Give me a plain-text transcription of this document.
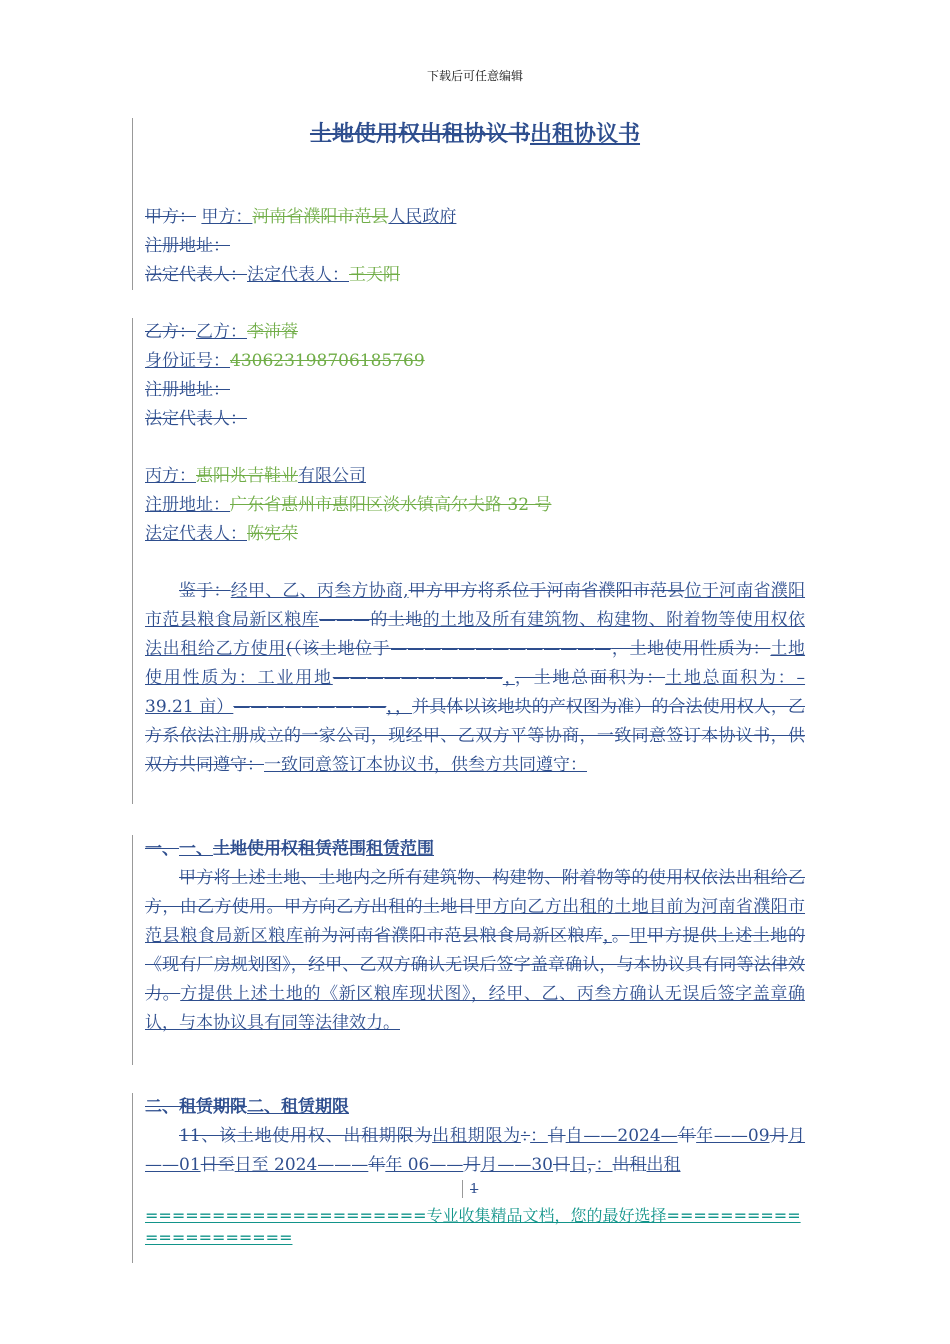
下载后可任意编辑
土地使用权出租协议书出租协议书
甲方： 甲方：河南省濮阳市范县人民政府
注册地址：
法定代表人：法定代表人：王天阳
乙方：乙方：李沛蓉
身份证号：430623198706185769
注册地址：
法定代表人：
丙方：惠阳兆吉鞋业有限公司
注册地址：广东省惠州市惠阳区淡水镇高尔夫路 32 号
法定代表人：陈宪荣
鉴于：经甲、乙、丙叁方协商,甲方甲方将系位于河南省濮阳市范县位于河南省濮阳市范县粮食局新区粮库———的土地的土地及所有建筑物、构建物、附着物等使用权依法出租给乙方使用(（该土地位于—————————————，土地使用性质为：土地使用性质为：工业用地——————————，，土地总面积为：土地总面积为：–39.21 亩）—————————，，并具体以该地块的产权图为准）的合法使用权人，乙方系依法注册成立的一家公司，现经甲、乙双方平等协商，一致同意签订本协议书，供双方共同遵守：一致同意签订本协议书，供叁方共同遵守：
一、一、土地使用权租赁范围租赁范围
甲方将上述土地、土地内之所有建筑物、构建物、附着物等的使用权依法出租给乙方，由乙方使用。甲方向乙方出租的土地目甲方向乙方出租的土地目前为河南省濮阳市范县粮食局新区粮库前为河南省濮阳市范县粮食局新区粮库，。甲甲方提供上述土地的《现有厂房规划图》，经甲、乙双方确认无误后签字盖章确认，与本协议具有同等法律效力。方提供上述土地的《新区粮库现状图》，经甲、乙、丙叁方确认无误后签字盖章确认，与本协议具有同等法律效力。
二、租赁期限二、租赁期限
11、该土地使用权、出租期限为出租期限为：：自自——2024—年年——09月月——01日至日至 2024———年年 06——月月——30日日，：出租出租
1
=====================专业收集精品文档，您的最好选择=====================
